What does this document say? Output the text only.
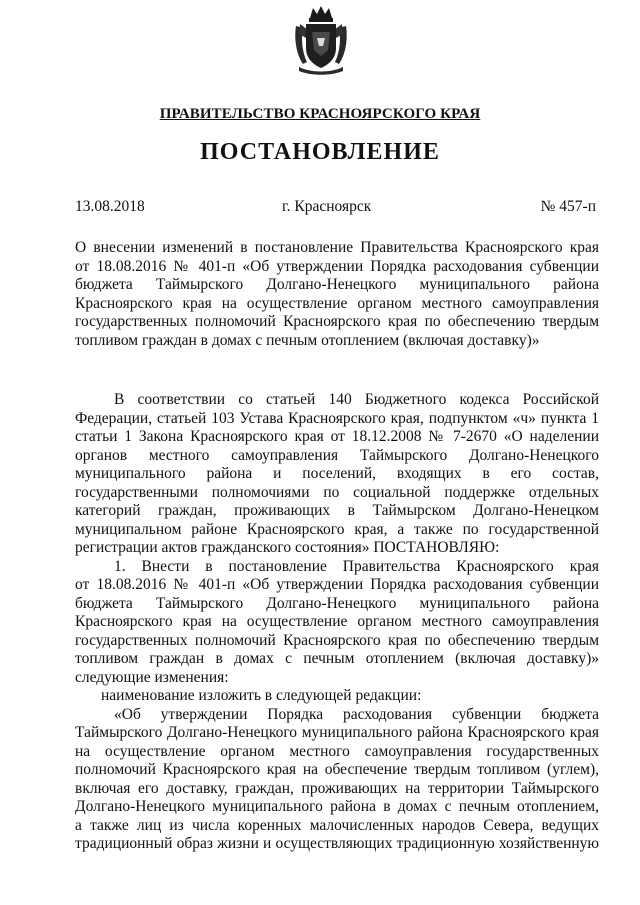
ПРАВИТЕЛЬСТВО КРАСНОЯРСКОГО КРАЯ
ПОСТАНОВЛЕНИЕ
13.08.2018	г. Красноярск	№ 457-п
О внесении изменений в постановление Правительства Красноярского края
от 18.08.2016 № 401-п «Об утверждении Порядка расходования субвенции
бюджета Таймырского Долгано-Ненецкого муниципального района
Красноярского края на осуществление органом местного самоуправления
государственных полномочий Красноярского края по обеспечению твердым
топливом граждан в домах с печным отоплением (включая доставку)»
В соответствии со статьей 140 Бюджетного кодекса Российской
Федерации, статьей 103 Устава Красноярского края, подпунктом «ч» пункта 1
статьи 1 Закона Красноярского края от 18.12.2008 № 7-2670 «О наделении
органов местного самоуправления Таймырского Долгано-Ненецкого
муниципального района и поселений, входящих в его состав,
государственными полномочиями по социальной поддержке отдельных
категорий граждан, проживающих в Таймырском Долгано-Ненецком
муниципальном районе Красноярского края, а также по государственной
регистрации актов гражданского состояния» ПОСТАНОВЛЯЮ:
1. Внести в постановление Правительства Красноярского края
от 18.08.2016 № 401-п «Об утверждении Порядка расходования субвенции
бюджета Таймырского Долгано-Ненецкого муниципального района
Красноярского края на осуществление органом местного самоуправления
государственных полномочий Красноярского края по обеспечению твердым
топливом граждан в домах с печным отоплением (включая доставку)»
следующие изменения:
наименование изложить в следующей редакции:
«Об утверждении Порядка расходования субвенции бюджета
Таймырского Долгано-Ненецкого муниципального района Красноярского края
на осуществление органом местного самоуправления государственных
полномочий Красноярского края на обеспечение твердым топливом (углем),
включая его доставку, граждан, проживающих на территории Таймырского
Долгано-Ненецкого муниципального района в домах с печным отоплением,
а также лиц из числа коренных малочисленных народов Севера, ведущих
традиционный образ жизни и осуществляющих традиционную хозяйственную
